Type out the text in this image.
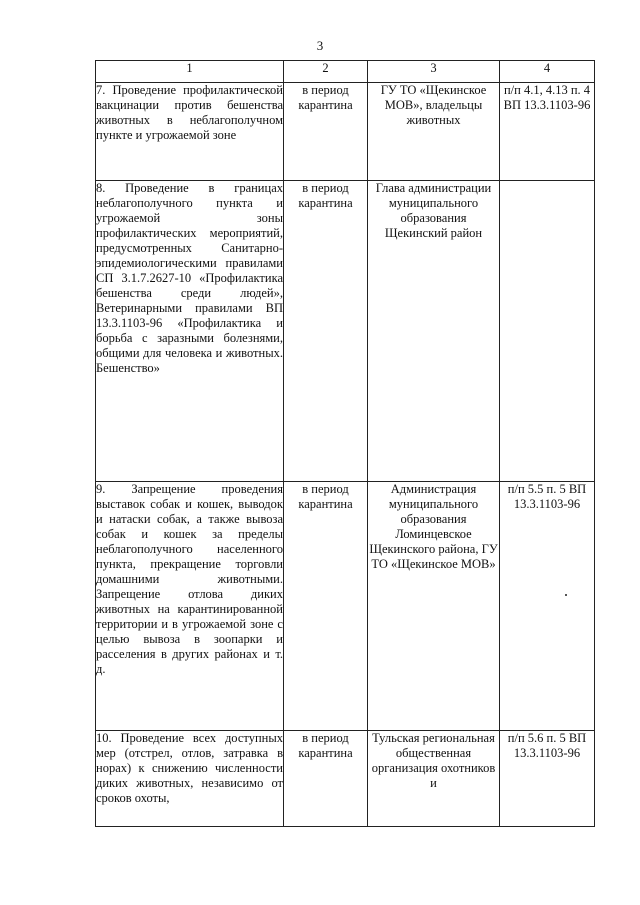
3
1	2	3	4
7. Проведение профилактической вакцинации против бешенства животных в неблагополучном пункте и угрожаемой зоне	в период карантина	ГУ ТО «Щекинское МОВ», владельцы животных	п/п 4.1, 4.13 п. 4 ВП 13.3.1103-96
8. Проведение в границах неблагополучного пункта и угрожаемой зоны профилактических мероприятий, предусмотренных Санитарно-эпидемиологическими правилами СП 3.1.7.2627-10 «Профилактика бешенства среди людей», Ветеринарными правилами ВП 13.3.1103-96 «Профилактика и борьба с заразными болезнями, общими для человека и животных. Бешенство»	в период карантина	Глава администрации муниципального образования Щекинский район	
9. Запрещение проведения выставок собак и кошек, выводок и натаски собак, а также вывоза собак и кошек за пределы неблагополучного населенного пункта, прекращение торговли домашними животными. Запрещение отлова диких животных на карантинированной территории и в угрожаемой зоне с целью вывоза в зоопарки и расселения в других районах и т. д.	в период карантина	Администрация муниципального образования Ломинцевское Щекинского района, ГУ ТО «Щекинское МОВ»	п/п 5.5 п. 5 ВП 13.3.1103-96
10. Проведение всех доступных мер (отстрел, отлов, затравка в норах) к снижению численности диких животных, независимо от сроков охоты,	в период карантина	Тульская региональная общественная организация охотников и	п/п 5.6 п. 5 ВП 13.3.1103-96
